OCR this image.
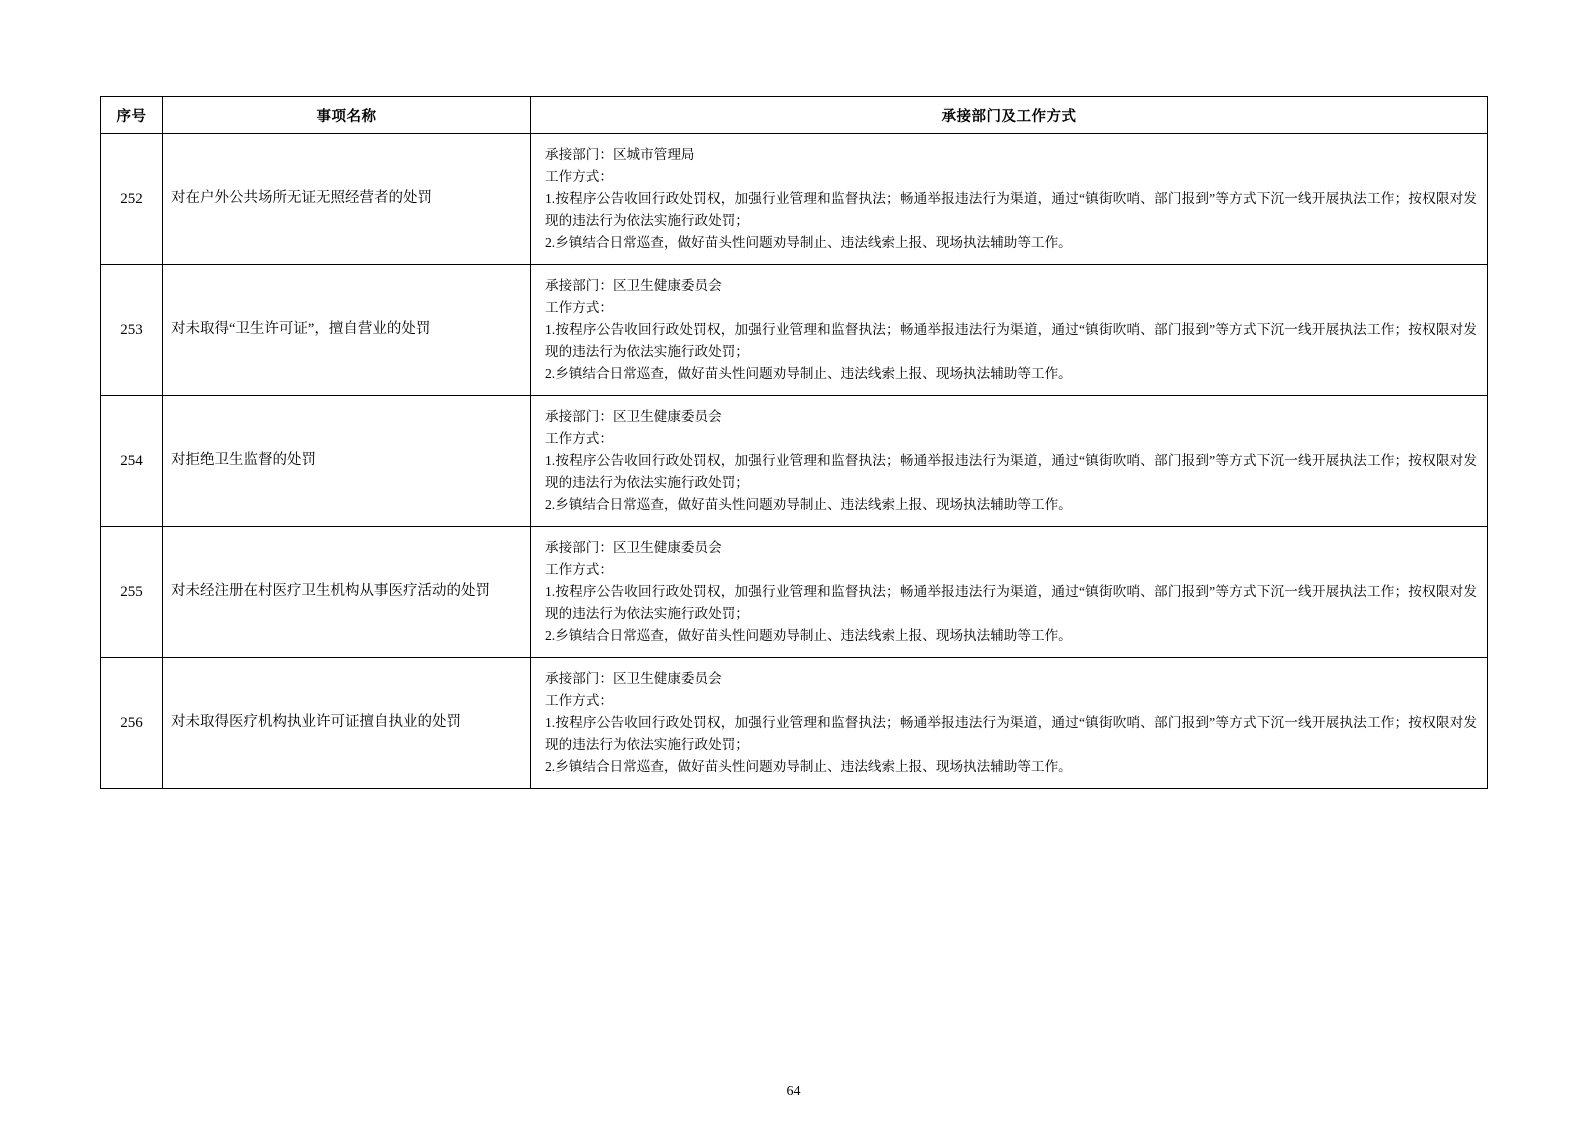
序号	事项名称	承接部门及工作方式
252	对在户外公共场所无证无照经营者的处罚	承接部门：区城市管理局
工作方式：
1.按程序公告收回行政处罚权，加强行业管理和监督执法；畅通举报违法行为渠道，通过“镇街吹哨、部门报到”等方式下沉一线开展执法工作；按权限对发现的违法行为依法实施行政处罚；
2.乡镇结合日常巡查，做好苗头性问题劝导制止、违法线索上报、现场执法辅助等工作。

253	对未取得“卫生许可证”，擅自营业的处罚	承接部门：区卫生健康委员会
工作方式：
1.按程序公告收回行政处罚权，加强行业管理和监督执法；畅通举报违法行为渠道，通过“镇街吹哨、部门报到”等方式下沉一线开展执法工作；按权限对发现的违法行为依法实施行政处罚；
2.乡镇结合日常巡查，做好苗头性问题劝导制止、违法线索上报、现场执法辅助等工作。

254	对拒绝卫生监督的处罚	承接部门：区卫生健康委员会
工作方式：
1.按程序公告收回行政处罚权，加强行业管理和监督执法；畅通举报违法行为渠道，通过“镇街吹哨、部门报到”等方式下沉一线开展执法工作；按权限对发现的违法行为依法实施行政处罚；
2.乡镇结合日常巡查，做好苗头性问题劝导制止、违法线索上报、现场执法辅助等工作。

255	对未经注册在村医疗卫生机构从事医疗活动的处罚	承接部门：区卫生健康委员会
工作方式：
1.按程序公告收回行政处罚权，加强行业管理和监督执法；畅通举报违法行为渠道，通过“镇街吹哨、部门报到”等方式下沉一线开展执法工作；按权限对发现的违法行为依法实施行政处罚；
2.乡镇结合日常巡查，做好苗头性问题劝导制止、违法线索上报、现场执法辅助等工作。

256	对未取得医疗机构执业许可证擅自执业的处罚	承接部门：区卫生健康委员会
工作方式：
1.按程序公告收回行政处罚权，加强行业管理和监督执法；畅通举报违法行为渠道，通过“镇街吹哨、部门报到”等方式下沉一线开展执法工作；按权限对发现的违法行为依法实施行政处罚；
2.乡镇结合日常巡查，做好苗头性问题劝导制止、违法线索上报、现场执法辅助等工作。
64
